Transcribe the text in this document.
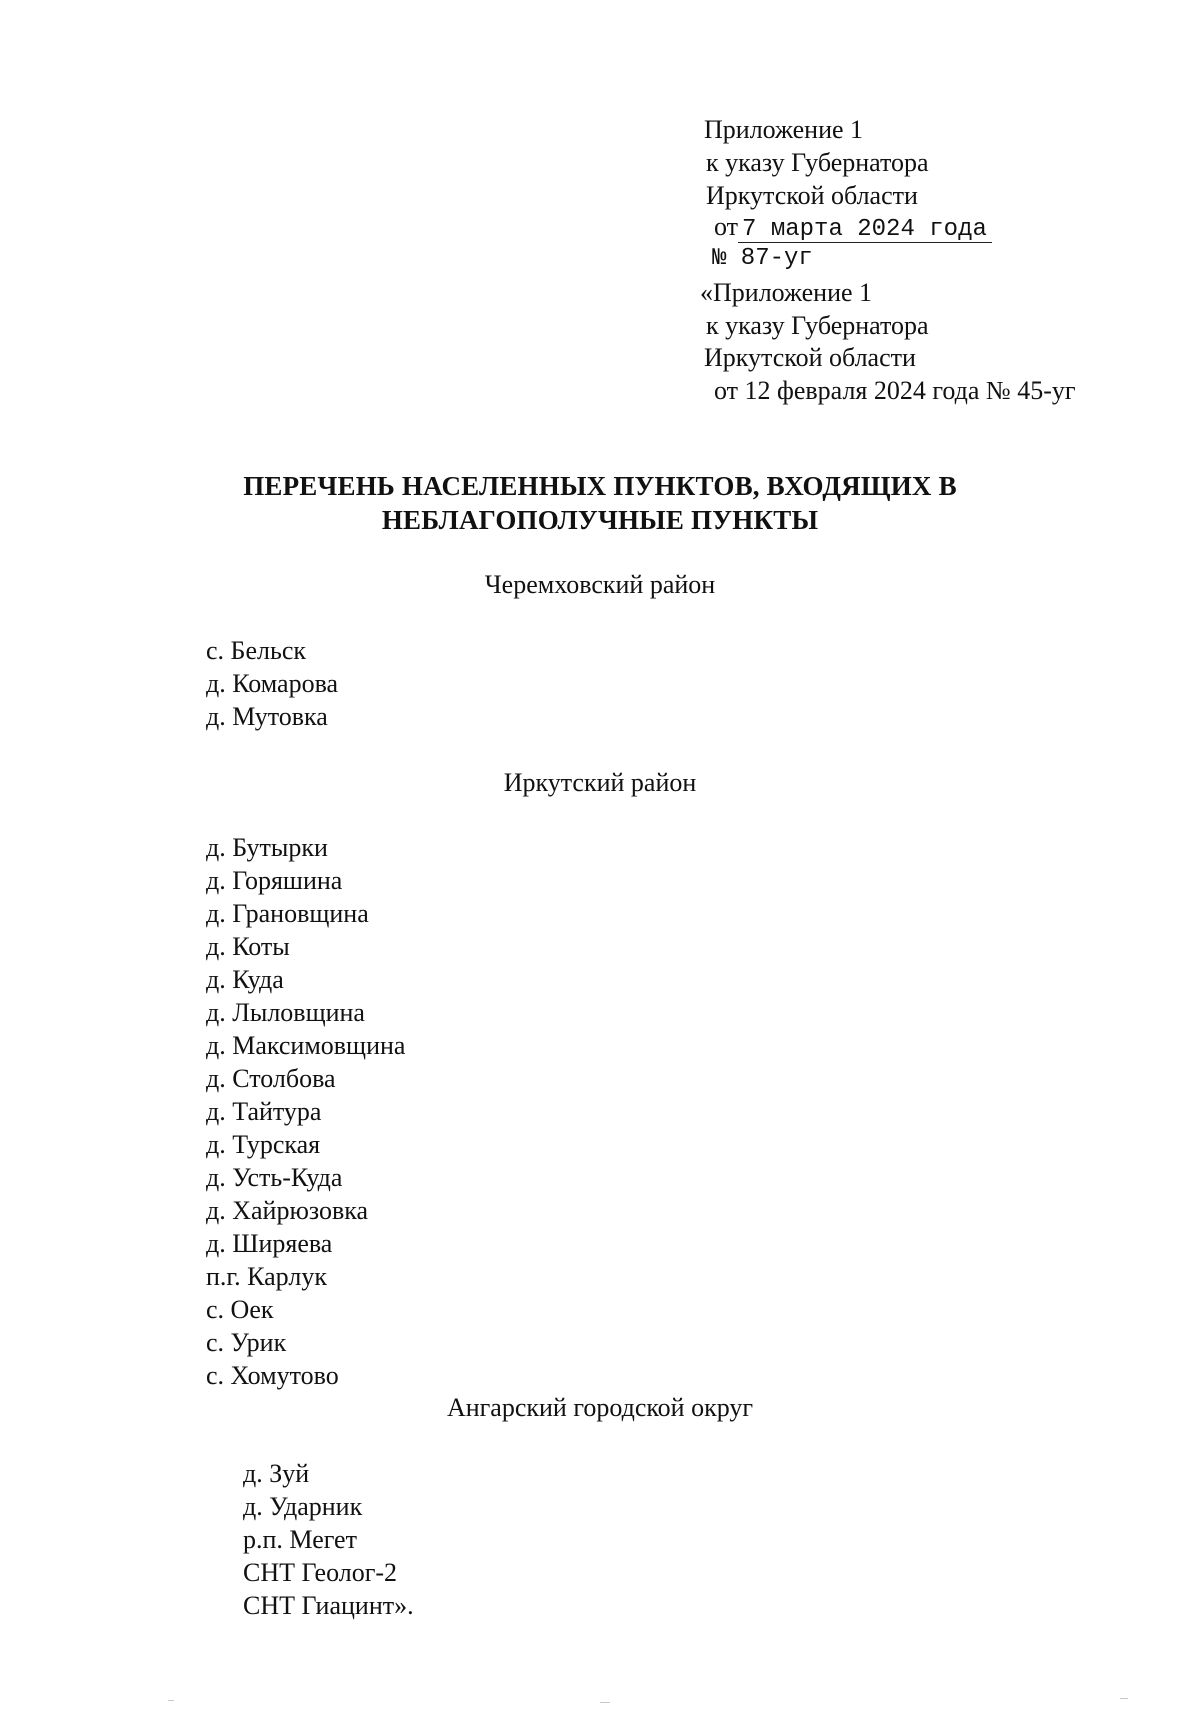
Приложение 1
к указу Губернатора
Иркутской области
от 7 марта 2024 года
№ 87-уг
«Приложение 1
к указу Губернатора
Иркутской области
от 12 февраля 2024 года № 45-уг
ПЕРЕЧЕНЬ НАСЕЛЕННЫХ ПУНКТОВ, ВХОДЯЩИХ В
НЕБЛАГОПОЛУЧНЫЕ ПУНКТЫ
Черемховский район
с. Бельск
д. Комарова
д. Мутовка
Иркутский район
д. Бутырки
д. Горяшина
д. Грановщина
д. Коты
д. Куда
д. Лыловщина
д. Максимовщина
д. Столбова
д. Тайтура
д. Турская
д. Усть-Куда
д. Хайрюзовка
д. Ширяева
п.г. Карлук
с. Оек
с. Урик
с. Хомутово
Ангарский городской округ
д. Зуй
д. Ударник
р.п. Мегет
СНТ Геолог-2
СНТ Гиацинт».
